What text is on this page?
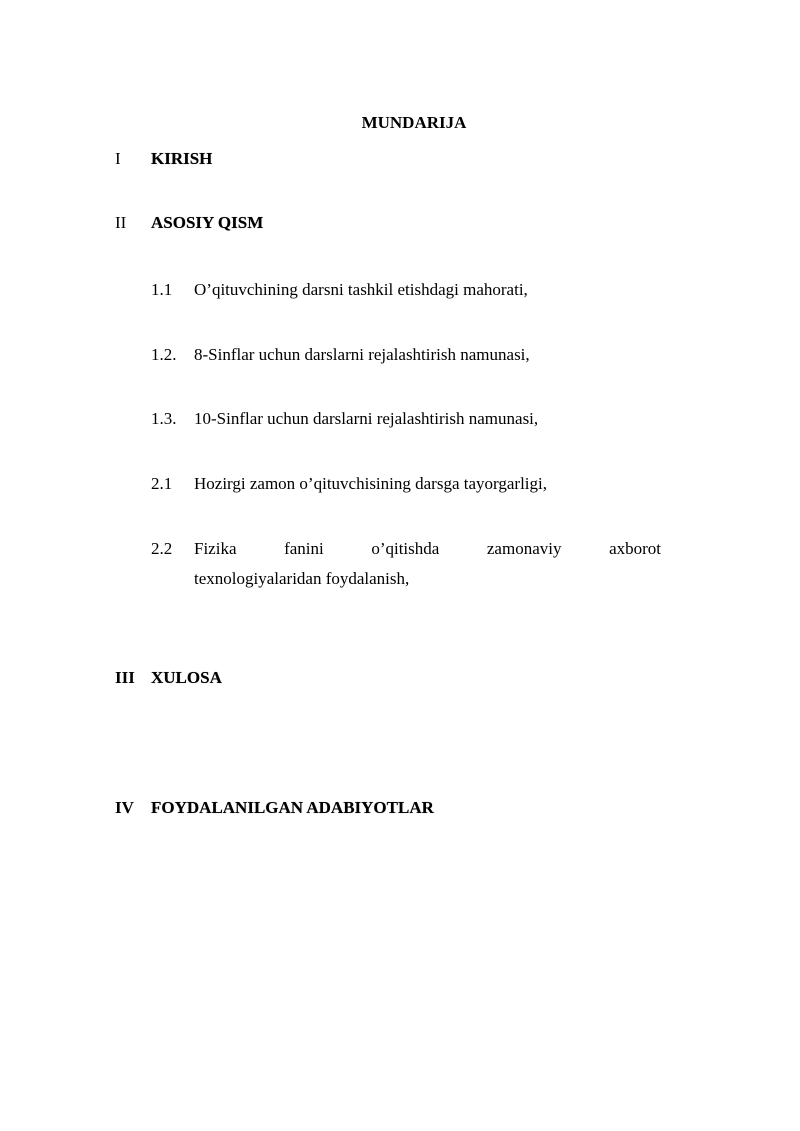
MUNDARIJA
I KIRISH
II ASOSIY QISM
1.1 O’qituvchining darsni tashkil etishdagi mahorati,
1.2. 8-Sinflar uchun darslarni rejalashtirish namunasi,
1.3. 10-Sinflar uchun darslarni rejalashtirish namunasi,
2.1 Hozirgi zamon o’qituvchisining darsga tayorgarligi,
2.2 Fizika	fanini	o’qitishda	zamonaviy	axborot
texnologiyalaridan foydalanish,
III XULOSA
IV FOYDALANILGAN ADABIYOTLAR
